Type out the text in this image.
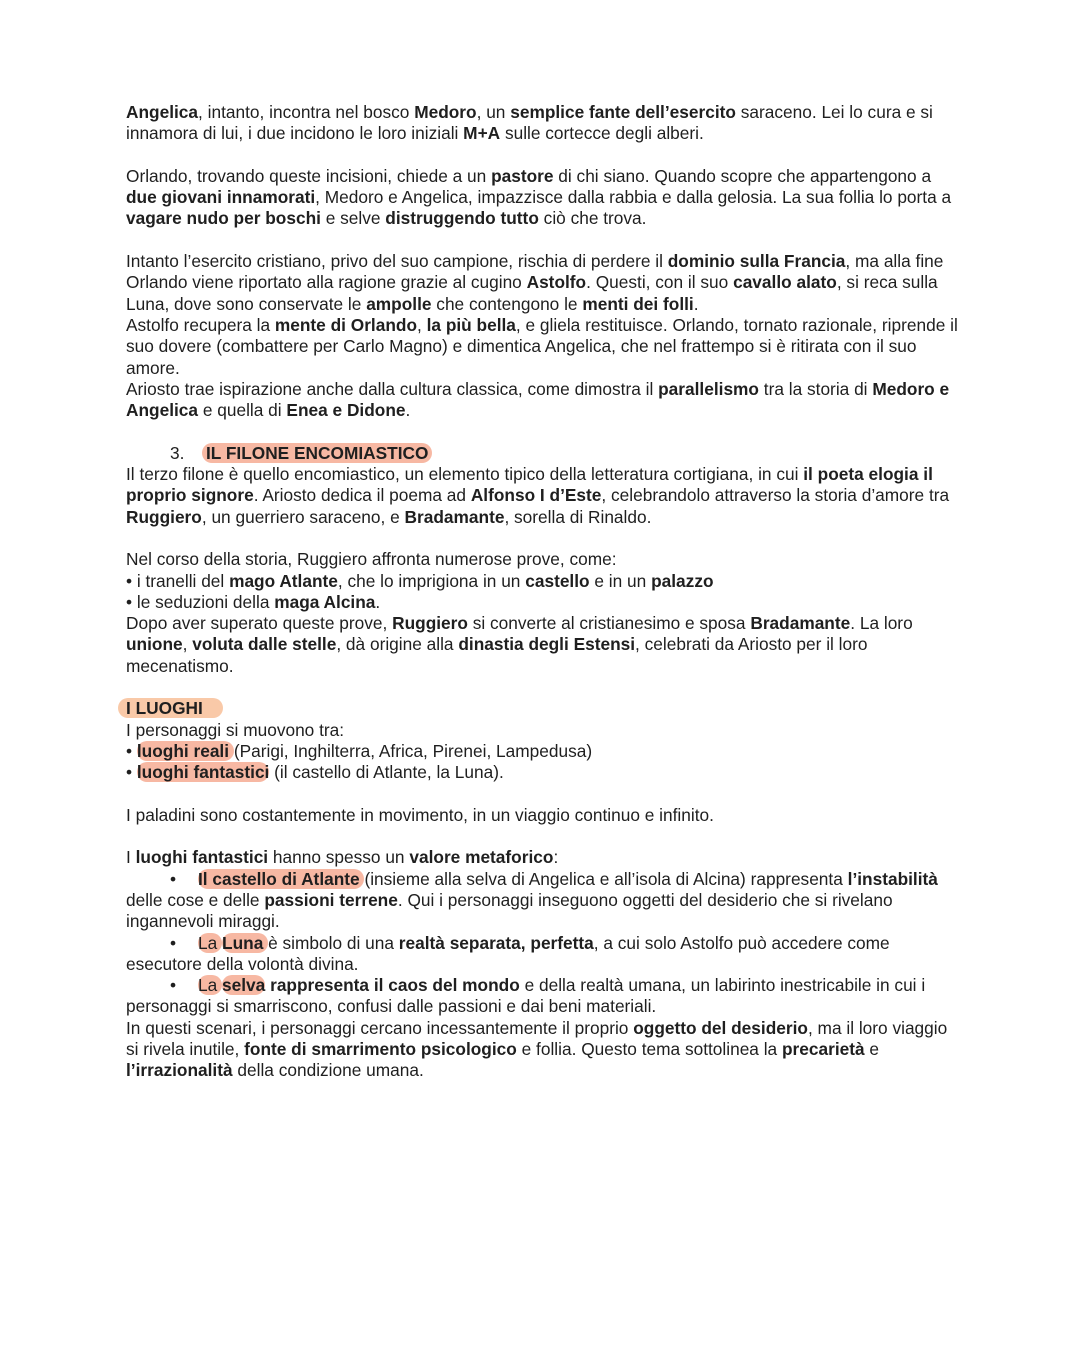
Angelica, intanto, incontra nel bosco Medoro, un semplice fante dell’esercito saraceno. Lei lo cura e si innamora di lui, i due incidono le loro iniziali M+A sulle cortecce degli alberi.

Orlando, trovando queste incisioni, chiede a un pastore di chi siano. Quando scopre che appartengono a due giovani innamorati, Medoro e Angelica, impazzisce dalla rabbia e dalla gelosia. La sua follia lo porta a vagare nudo per boschi e selve distruggendo tutto ciò che trova.

Intanto l’esercito cristiano, privo del suo campione, rischia di perdere il dominio sulla Francia, ma alla fine Orlando viene riportato alla ragione grazie al cugino Astolfo. Questi, con il suo cavallo alato, si reca sulla Luna, dove sono conservate le ampolle che contengono le menti dei folli.

Astolfo recupera la mente di Orlando, la più bella, e gliela restituisce. Orlando, tornato razionale, riprende il suo dovere (combattere per Carlo Magno) e dimentica Angelica, che nel frattempo si è ritirata con il suo amore.

Ariosto trae ispirazione anche dalla cultura classica, come dimostra il parallelismo tra la storia di Medoro e Angelica e quella di Enea e Didone.

3. IL FILONE ENCOMIASTICO

Il terzo filone è quello encomiastico, un elemento tipico della letteratura cortigiana, in cui il poeta elogia il proprio signore. Ariosto dedica il poema ad Alfonso I d’Este, celebrandolo attraverso la storia d’amore tra Ruggiero, un guerriero saraceno, e Bradamante, sorella di Rinaldo.

Nel corso della storia, Ruggiero affronta numerose prove, come:

• i tranelli del mago Atlante, che lo imprigiona in un castello e in un palazzo

• le seduzioni della maga Alcina.

Dopo aver superato queste prove, Ruggiero si converte al cristianesimo e sposa Bradamante. La loro unione, voluta dalle stelle, dà origine alla dinastia degli Estensi, celebrati da Ariosto per il loro mecenatismo.

I LUOGHI

I personaggi si muovono tra:

• luoghi reali (Parigi, Inghilterra, Africa, Pirenei, Lampedusa)

• luoghi fantastici (il castello di Atlante, la Luna).

I paladini sono costantemente in movimento, in un viaggio continuo e infinito.

I luoghi fantastici hanno spesso un valore metaforico:

• Il castello di Atlante (insieme alla selva di Angelica e all’isola di Alcina) rappresenta l’instabilità delle cose e delle passioni terrene. Qui i personaggi inseguono oggetti del desiderio che si rivelano ingannevoli miraggi.

• La Luna è simbolo di una realtà separata, perfetta, a cui solo Astolfo può accedere come esecutore della volontà divina.

• La selva rappresenta il caos del mondo e della realtà umana, un labirinto inestricabile in cui i personaggi si smarriscono, confusi dalle passioni e dai beni materiali.

In questi scenari, i personaggi cercano incessantemente il proprio oggetto del desiderio, ma il loro viaggio si rivela inutile, fonte di smarrimento psicologico e follia. Questo tema sottolinea la precarietà e l’irrazionalità della condizione umana.
